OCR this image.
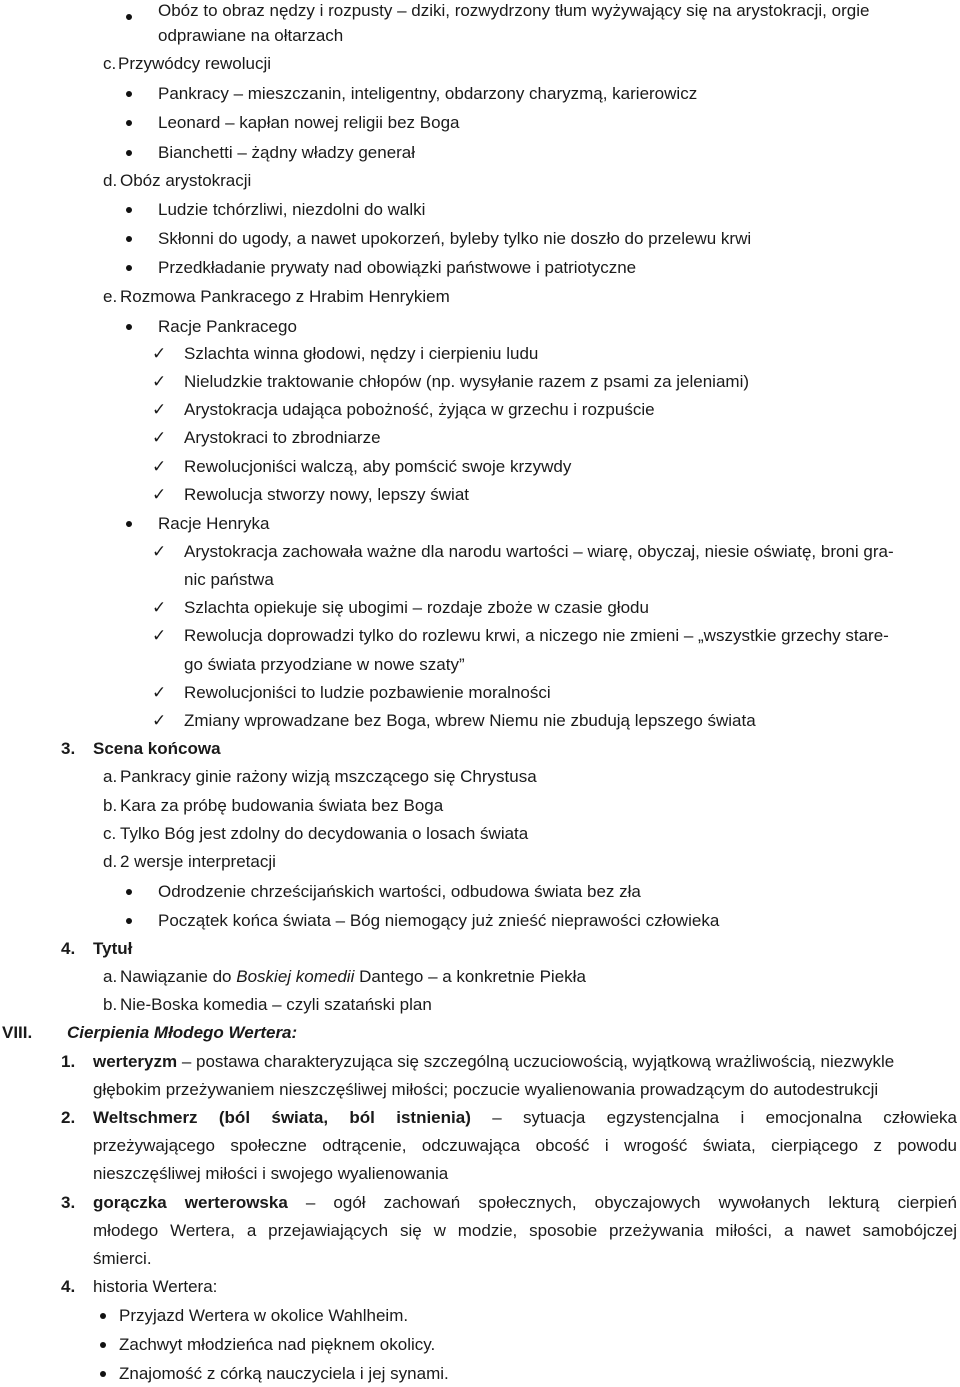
Obóz to obraz nędzy i rozpusty – dziki, rozwydrzony tłum wyżywający się na arystokracji, orgie
odprawiane na ołtarzach
c. Przywódcy rewolucji
Pankracy – mieszczanin, inteligentny, obdarzony charyzmą, karierowicz
Leonard – kapłan nowej religii bez Boga
Bianchetti – żądny władzy generał
d. Obóz arystokracji
Ludzie tchórzliwi, niezdolni do walki
Skłonni do ugody, a nawet upokorzeń, byleby tylko nie doszło do przelewu krwi
Przedkładanie prywaty nad obowiązki państwowe i patriotyczne
e. Rozmowa Pankracego z Hrabim Henrykiem
Racje Pankracego
✓ Szlachta winna głodowi, nędzy i cierpieniu ludu
✓ Nieludzkie traktowanie chłopów (np. wysyłanie razem z psami za jeleniami)
✓ Arystokracja udająca pobożność, żyjąca w grzechu i rozpuście
✓ Arystokraci to zbrodniarze
✓ Rewolucjoniści walczą, aby pomścić swoje krzywdy
✓ Rewolucja stworzy nowy, lepszy świat
Racje Henryka
✓ Arystokracja zachowała ważne dla narodu wartości – wiarę, obyczaj, niesie oświatę, broni gra-
nic państwa
✓ Szlachta opiekuje się ubogimi – rozdaje zboże w czasie głodu
✓ Rewolucja doprowadzi tylko do rozlewu krwi, a niczego nie zmieni – „wszystkie grzechy stare-
go świata przyodziane w nowe szaty”
✓ Rewolucjoniści to ludzie pozbawienie moralności
✓ Zmiany wprowadzane bez Boga, wbrew Niemu nie zbudują lepszego świata
3. Scena końcowa
a. Pankracy ginie rażony wizją mszczącego się Chrystusa
b. Kara za próbę budowania świata bez Boga
c. Tylko Bóg jest zdolny do decydowania o losach świata
d. 2 wersje interpretacji
Odrodzenie chrześcijańskich wartości, odbudowa świata bez zła
Początek końca świata – Bóg niemogący już znieść nieprawości człowieka
4. Tytuł
a. Nawiązanie do Boskiej komedii Dantego – a konkretnie Piekła
b. Nie-Boska komedia – czyli szatański plan
VIII. Cierpienia Młodego Wertera:
1. werteryzm – postawa charakteryzująca się szczególną uczuciowością, wyjątkową wrażliwością, niezwykle
głębokim przeżywaniem nieszczęśliwej miłości; poczucie wyalienowania prowadzącym do autodestrukcji
2. Weltschmerz (ból świata, ból istnienia) – sytuacja egzystencjalna i emocjonalna człowieka
przeżywającego społeczne odtrącenie, odczuwająca obcość i wrogość świata, cierpiącego z powodu
nieszczęśliwej miłości i swojego wyalienowania
3. gorączka werterowska – ogół zachowań społecznych, obyczajowych wywołanych lekturą cierpień
młodego Wertera, a przejawiających się w modzie, sposobie przeżywania miłości, a nawet samobójczej
śmierci.
4. historia Wertera:
Przyjazd Wertera w okolice Wahlheim.
Zachwyt młodzieńca nad pięknem okolicy.
Znajomość z córką nauczyciela i jej synami.
